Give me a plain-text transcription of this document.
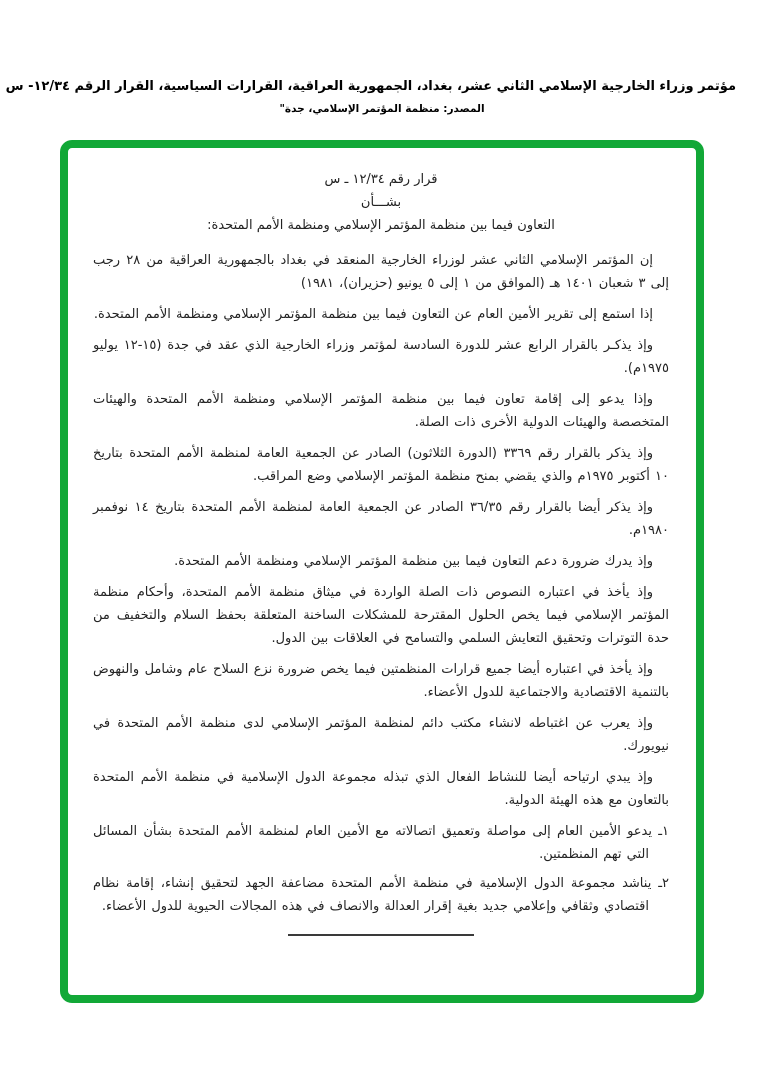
مؤتمر وزراء الخارجية الإسلامي الثاني عشر، بغداد، الجمهورية العراقية، القرارات السياسية، القرار الرقم ١٢/٣٤- س
المصدر: منظمة المؤتمر الإسلامي، جدة"
قرار رقم ١٢/٣٤ ـ س
بشـــأن
التعاون فيما بين منظمة المؤتمر الإسلامي ومنظمة الأمم المتحدة:
إن المؤتمر الإسلامي الثاني عشر لوزراء الخارجية المنعقد في بغداد بالجمهورية العراقية من ٢٨ رجب إلى ٣ شعبان ١٤٠١ هـ (الموافق من ١ إلى ٥ يونيو (حزيران)، ١٩٨١)
إذا استمع إلى تقرير الأمين العام عن التعاون فيما بين منظمة المؤتمر الإسلامي ومنظمة الأمم المتحدة.
وإذ يذكـر بالقرار الرابع عشر للدورة السادسة لمؤتمر وزراء الخارجية الذي عقد في جدة (١٢‎-‎١٥ يوليو ١٩٧٥م).
وإذا يدعو إلى إقامة تعاون فيما بين منظمة المؤتمر الإسلامي ومنظمة الأمم المتحدة والهيئات المتخصصة والهيئات الدولية الأخرى ذات الصلة.
وإذ يذكر بالقرار رقم ٣٣٦٩ (الدورة الثلاثون) الصادر عن الجمعية العامة لمنظمة الأمم المتحدة بتاريخ ١٠ أكتوبر ١٩٧٥م والذي يقضي بمنح منظمة المؤتمر الإسلامي وضع المراقب.
وإذ يذكر أيضا بالقرار رقم ٣٦/٣٥ الصادر عن الجمعية العامة لمنظمة الأمم المتحدة بتاريخ ١٤ نوفمبر ١٩٨٠م.
وإذ يدرك ضرورة دعم التعاون فيما بين منظمة المؤتمر الإسلامي ومنظمة الأمم المتحدة.
وإذ يأخذ في اعتباره النصوص ذات الصلة الواردة في ميثاق منظمة الأمم المتحدة، وأحكام منظمة المؤتمر الإسلامي فيما يخص الحلول المقترحة للمشكلات الساخنة المتعلقة بحفظ السلام والتخفيف من حدة التوترات وتحقيق التعايش السلمي والتسامح في العلاقات بين الدول.
وإذ يأخذ في اعتباره أيضا جميع قرارات المنظمتين فيما يخص ضرورة نزع السلاح عام وشامل والنهوض بالتنمية الاقتصادية والاجتماعية للدول الأعضاء.
وإذ يعرب عن اغتباطه لانشاء مكتب دائم لمنظمة المؤتمر الإسلامي لدى منظمة الأمم المتحدة في نيويورك.
وإذ يبدي ارتياحه أيضا للنشاط الفعال الذي تبذله مجموعة الدول الإسلامية في منظمة الأمم المتحدة بالتعاون مع هذه الهيئة الدولية.
١ـ يدعو الأمين العام إلى مواصلة وتعميق اتصالاته مع الأمين العام لمنظمة الأمم المتحدة بشأن المسائل التي تهم المنظمتين.
٢ـ يناشد مجموعة الدول الإسلامية في منظمة الأمم المتحدة مضاعفة الجهد لتحقيق إنشاء، إقامة نظام اقتصادي وثقافي وإعلامي جديد بغية إقرار العدالة والانصاف في هذه المجالات الحيوية للدول الأعضاء.
